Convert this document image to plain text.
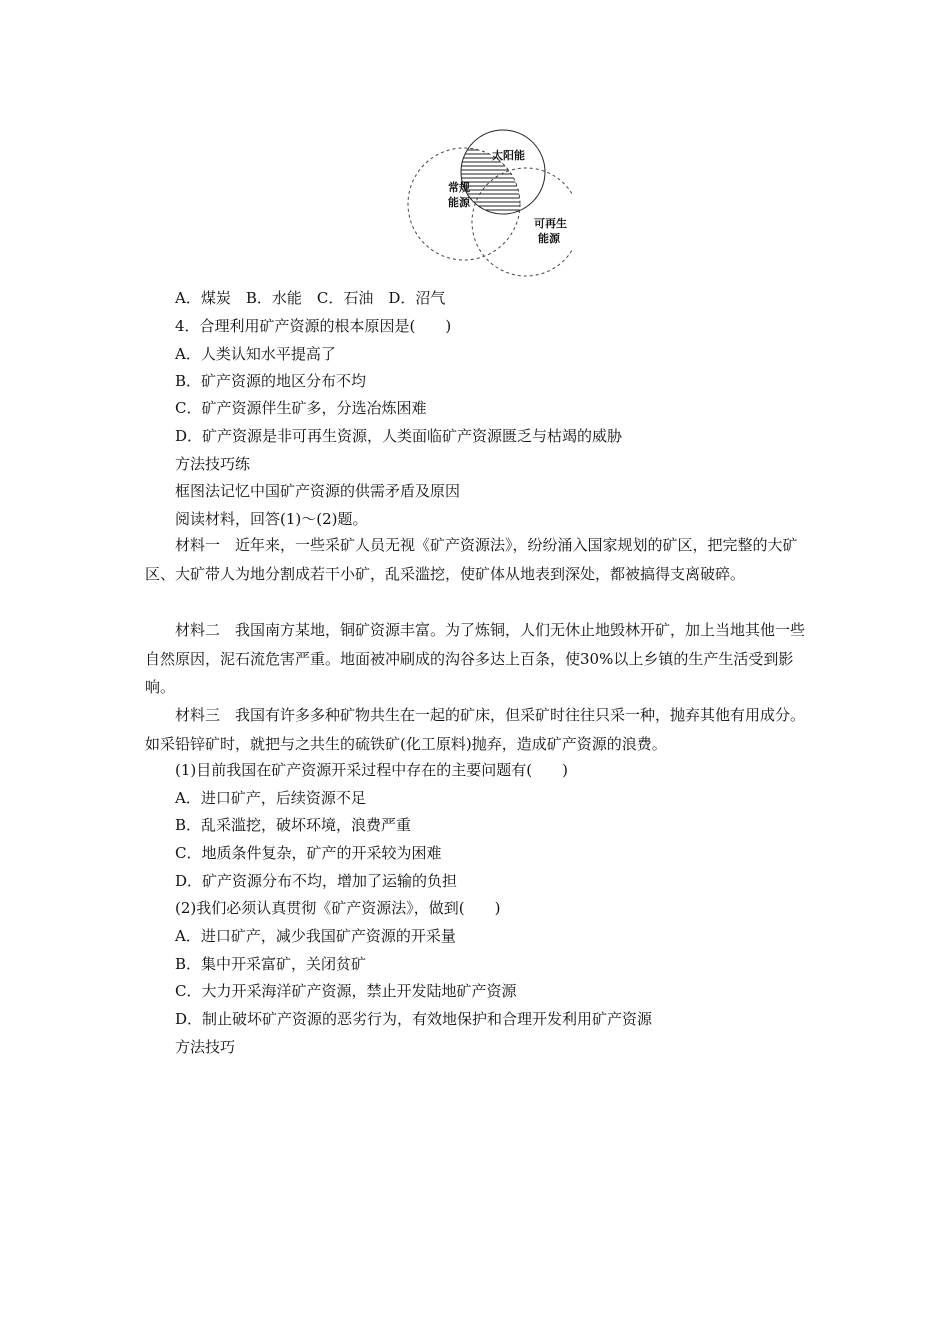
太阳能
常规
能源
可再生
能源
A．煤炭　B．水能　C．石油　D．沼气
4．合理利用矿产资源的根本原因是(　　)
A．人类认知水平提高了
B．矿产资源的地区分布不均
C．矿产资源伴生矿多，分选冶炼困难
D．矿产资源是非可再生资源，人类面临矿产资源匮乏与枯竭的威胁
方法技巧练
框图法记忆中国矿产资源的供需矛盾及原因
阅读材料，回答(1)～(2)题。
材料一　近年来，一些采矿人员无视《矿产资源法》，纷纷涌入国家规划的矿区，把完整的大矿区、大矿带人为地分割成若干小矿，乱采滥挖，使矿体从地表到深处，都被搞得支离破碎。
材料二　我国南方某地，铜矿资源丰富。为了炼铜，人们无休止地毁林开矿，加上当地其他一些自然原因，泥石流危害严重。地面被冲刷成的沟谷多达上百条，使30%以上乡镇的生产生活受到影响。
材料三　我国有许多多种矿物共生在一起的矿床，但采矿时往往只采一种，抛弃其他有用成分。如采铅锌矿时，就把与之共生的硫铁矿(化工原料)抛弃，造成矿产资源的浪费。
(1)目前我国在矿产资源开采过程中存在的主要问题有(　　)
A．进口矿产，后续资源不足
B．乱采滥挖，破坏环境，浪费严重
C．地质条件复杂，矿产的开采较为困难
D．矿产资源分布不均，增加了运输的负担
(2)我们必须认真贯彻《矿产资源法》，做到(　　)
A．进口矿产，减少我国矿产资源的开采量
B．集中开采富矿，关闭贫矿
C．大力开采海洋矿产资源，禁止开发陆地矿产资源
D．制止破坏矿产资源的恶劣行为，有效地保护和合理开发利用矿产资源
方法技巧
